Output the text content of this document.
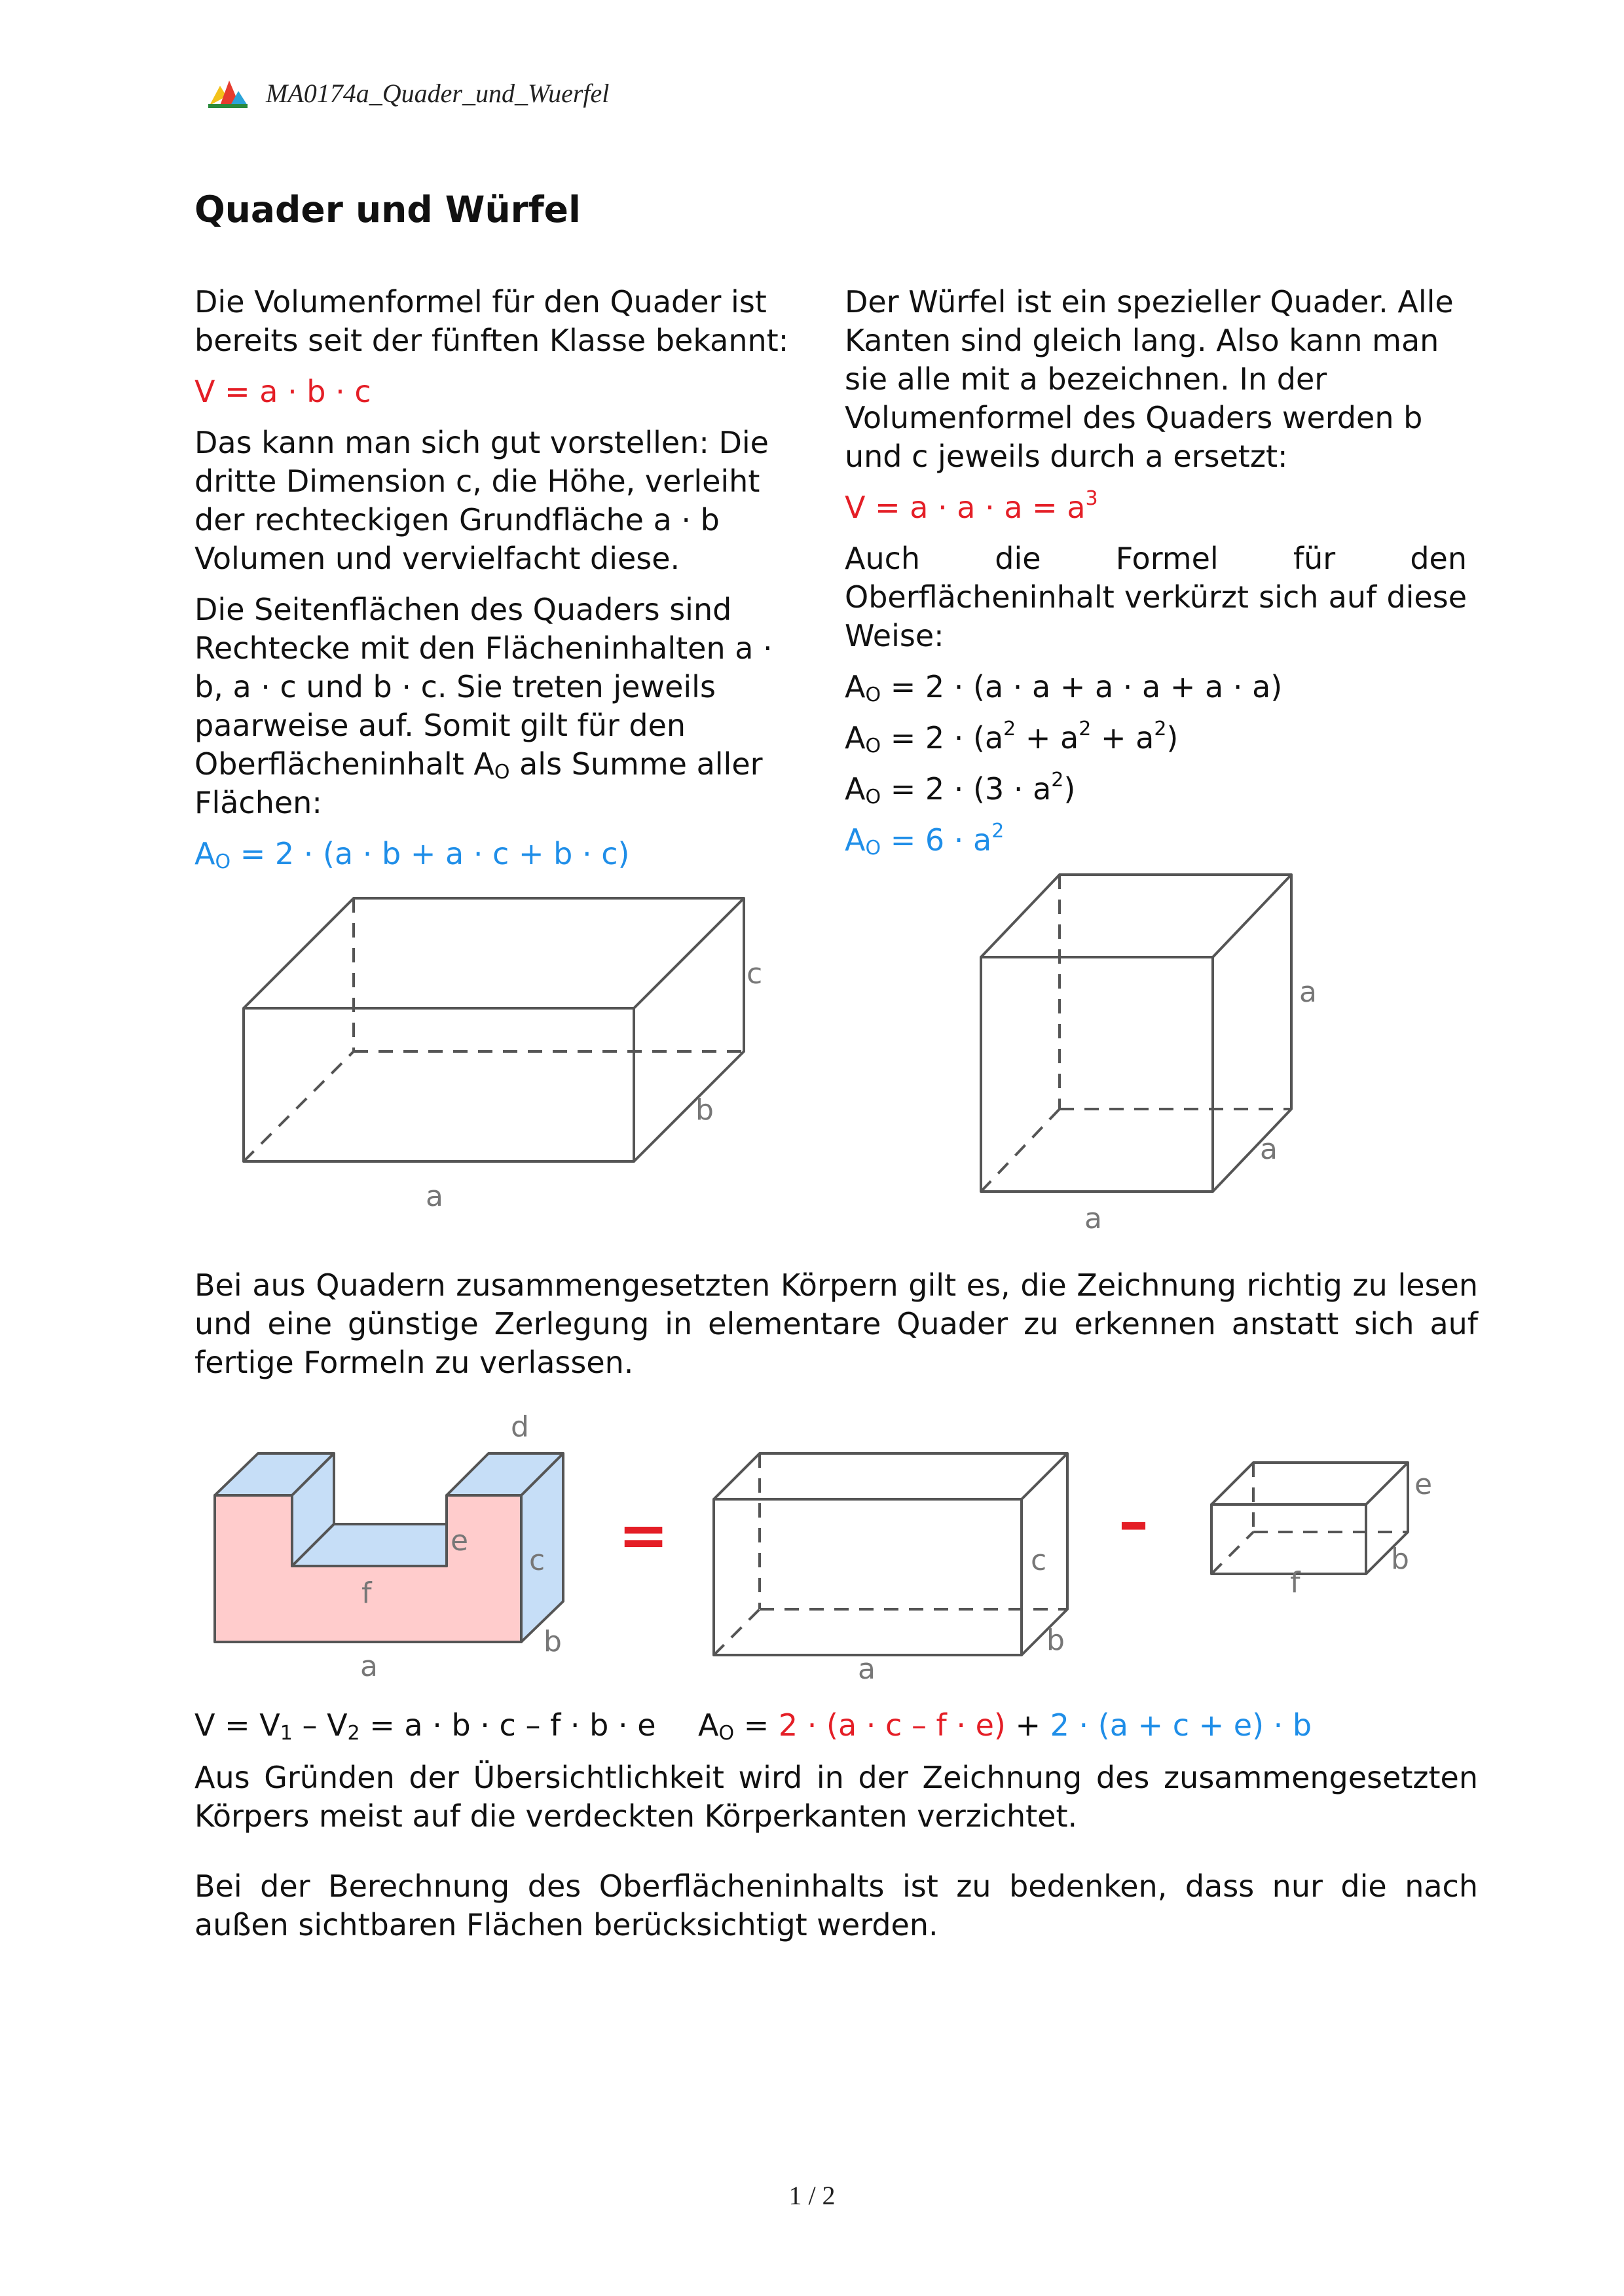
MA0174a_Quader_und_Wuerfel
Quader und Würfel

Die Volumenformel für den Quader ist bereits seit der fünften Klasse bekannt:

V = a · b · c

Das kann man sich gut vorstellen: Die dritte Dimension c, die Höhe, verleiht der rechteckigen Grundfläche a · b Volumen und vervielfacht diese.

Die Seitenflächen des Quaders sind Rechtecke mit den Flächeninhalten a · b, a · c und b · c. Sie treten jeweils paarweise auf. Somit gilt für den Oberflächeninhalt $A_O$ als Summe aller Flächen:

$A_O = 2 \cdot (a \cdot b + a \cdot c + b \cdot c)$

Der Würfel ist ein spezieller Quader. Alle Kanten sind gleich lang. Also kann man sie alle mit a bezeichnen. In der Volumenformel des Quaders werden b und c jeweils durch a ersetzt:

$V = a \cdot a \cdot a = a^3$

Auch die Formel für den Oberflächeninhalt verkürzt sich auf diese Weise:

$A_O = 2 \cdot (a \cdot a + a \cdot a + a \cdot a)$

$A_O = 2 \cdot (a^2 + a^2 + a^2)$

$A_O = 2 \cdot (3 \cdot a^2)$

$A_O = 6 \cdot a^2$

c
b
a
a
a
a
d
e
c
f
b
a
=	c
b
a
–
e
b
f

Bei aus Quadern zusammengesetzten Körpern gilt es, die Zeichnung richtig zu lesen und eine günstige Zerlegung in elementare Quader zu erkennen anstatt sich auf fertige Formeln zu verlassen.

$V = V_1 - V_2 = a \cdot b \cdot c - f \cdot b \cdot e$ $A_O = 2 \cdot (a \cdot c - f \cdot e) + 2 \cdot (a + c + e) \cdot b$

Aus Gründen der Übersichtlichkeit wird in der Zeichnung des zusammengesetzten Körpers meist auf die verdeckten Körperkanten verzichtet.

Bei der Berechnung des Oberflächeninhalts ist zu bedenken, dass nur die nach außen sichtbaren Flächen berücksichtigt werden.

1 / 2
